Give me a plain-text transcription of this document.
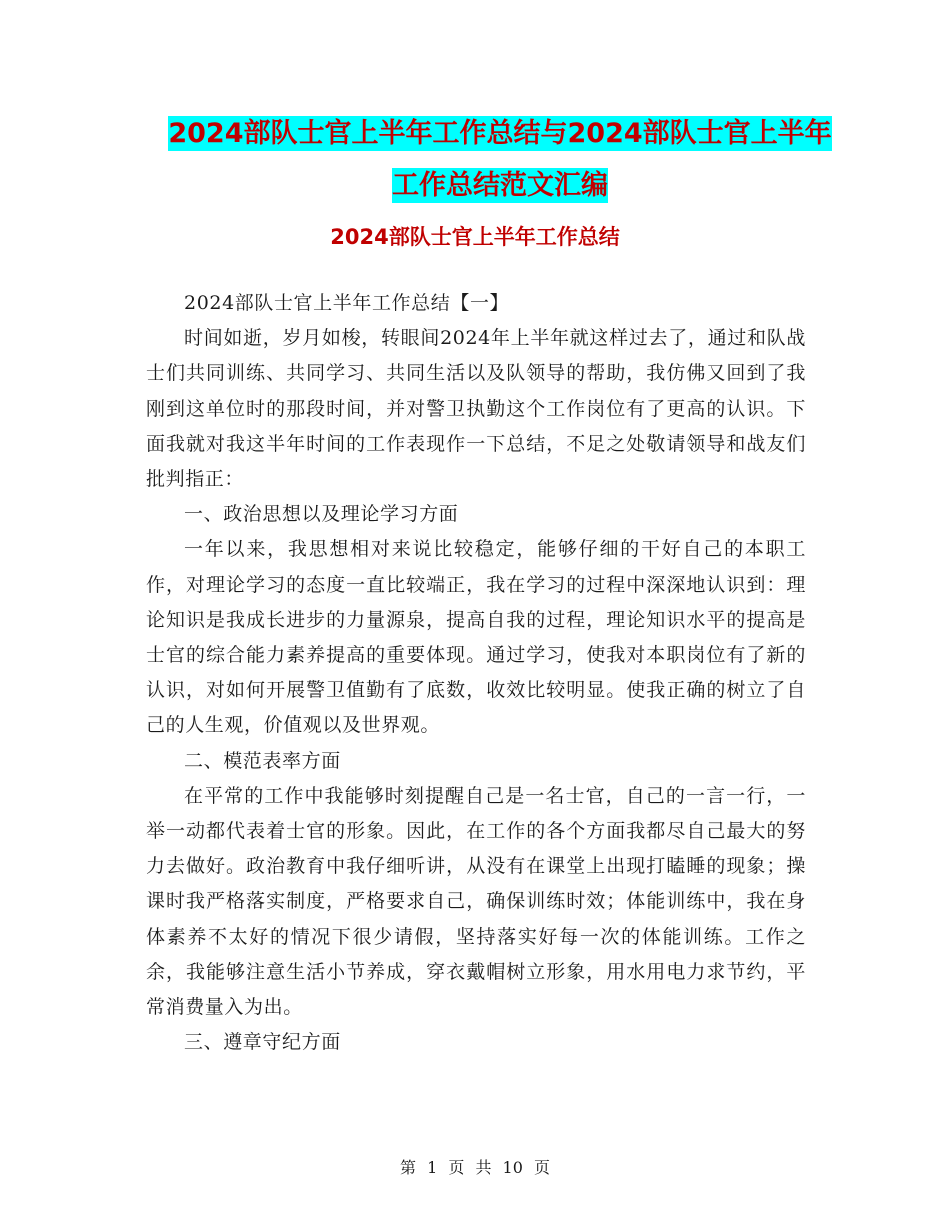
2024部队士官上半年工作总结与2024部队士官上半年
工作总结范文汇编
2024部队士官上半年工作总结

2024部队士官上半年工作总结【一】

时间如逝，岁月如梭，转眼间2024年上半年就这样过去了，通过和队战士们共同训练、共同学习、共同生活以及队领导的帮助，我仿佛又回到了我刚到这单位时的那段时间，并对警卫执勤这个工作岗位有了更高的认识。下面我就对我这半年时间的工作表现作一下总结，不足之处敬请领导和战友们批判指正：

一、政治思想以及理论学习方面

一年以来，我思想相对来说比较稳定，能够仔细的干好自己的本职工作，对理论学习的态度一直比较端正，我在学习的过程中深深地认识到：理论知识是我成长进步的力量源泉，提高自我的过程，理论知识水平的提高是士官的综合能力素养提高的重要体现。通过学习，使我对本职岗位有了新的认识，对如何开展警卫值勤有了底数，收效比较明显。使我正确的树立了自己的人生观，价值观以及世界观。

二、模范表率方面

在平常的工作中我能够时刻提醒自己是一名士官，自己的一言一行，一举一动都代表着士官的形象。因此，在工作的各个方面我都尽自己最大的努力去做好。政治教育中我仔细听讲，从没有在课堂上出现打瞌睡的现象；操课时我严格落实制度，严格要求自己，确保训练时效；体能训练中，我在身体素养不太好的情况下很少请假，坚持落实好每一次的体能训练。工作之余，我能够注意生活小节养成，穿衣戴帽树立形象，用水用电力求节约，平常消费量入为出。

三、遵章守纪方面

第 1 页 共 10 页
